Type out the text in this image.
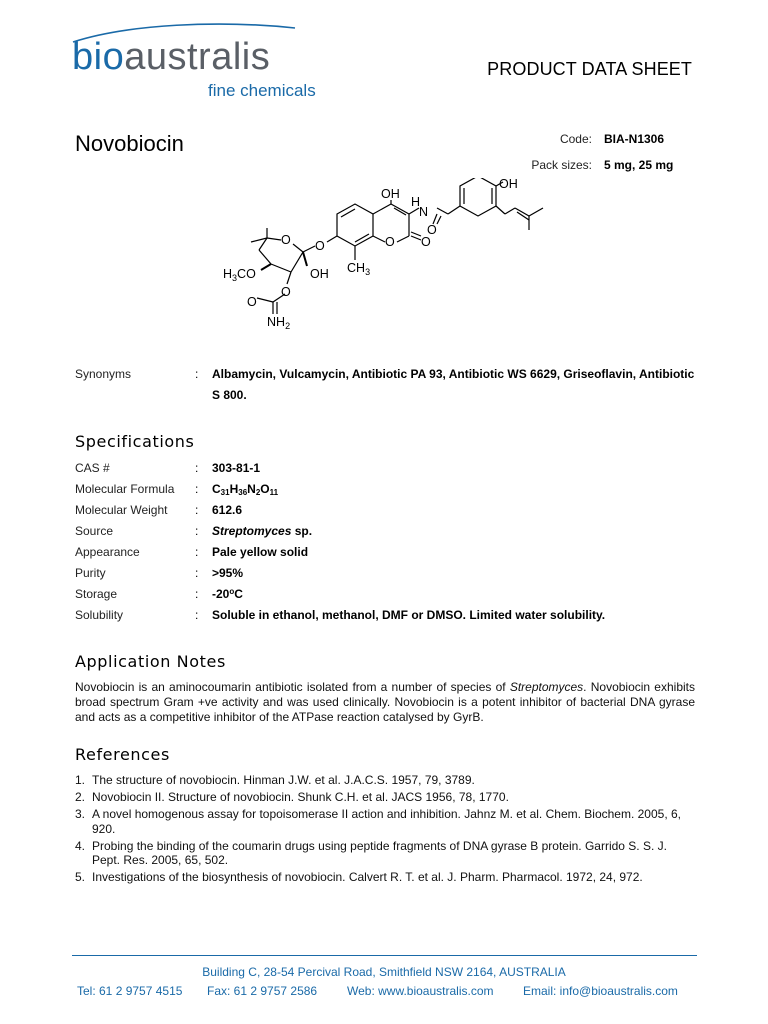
bioaustralis
fine chemicals
PRODUCT DATA SHEET
Novobiocin	Code: BIA-N1306
Pack sizes: 5 mg, 25 mg
OH
H
N
OH
$CH_3$
O O
O
O
O
OH
$H_3CO$
O
O
$NH_2$
Synonyms	: Albamycin, Vulcamycin, Antibiotic PA 93, Antibiotic WS 6629, Griseoflavin, Antibiotic S 800.
Specifications
CAS #	: 303-81-1
Molecular Formula : $C_{31}H_{36}N_2O_{11}$
Molecular Weight : 612.6
Source	: Streptomyces sp.
Appearance	: Pale yellow solid
Purity	: >95%
Storage	: -20$^o$C
Solubility	: Soluble in ethanol, methanol, DMF or DMSO. Limited water solubility.
Application Notes
Novobiocin is an aminocoumarin antibiotic isolated from a number of species of Streptomyces. Novobiocin exhibits broad spectrum Gram +ve activity and was used clinically. Novobiocin is a potent inhibitor of bacterial DNA gyrase and acts as a competitive inhibitor of the ATPase reaction catalysed by GyrB.
References
1. The structure of novobiocin. Hinman J.W. et al. J.A.C.S. 1957, 79, 3789.
2. Novobiocin II. Structure of novobiocin. Shunk C.H. et al. JACS 1956, 78, 1770.
3. A novel homogenous assay for topoisomerase II action and inhibition. Jahnz M. et al. Chem. Biochem. 2005, 6, 920.
4. Probing the binding of the coumarin drugs using peptide fragments of DNA gyrase B protein. Garrido S. S. J. Pept. Res. 2005, 65, 502.
5. Investigations of the biosynthesis of novobiocin. Calvert R. T. et al. J. Pharm. Pharmacol. 1972, 24, 972.
Building C, 28-54 Percival Road, Smithfield NSW 2164, AUSTRALIA
Tel: 61 2 9757 4515 Fax: 61 2 9757 2586 Web: www.bioaustralis.com Email: info@bioaustralis.com
